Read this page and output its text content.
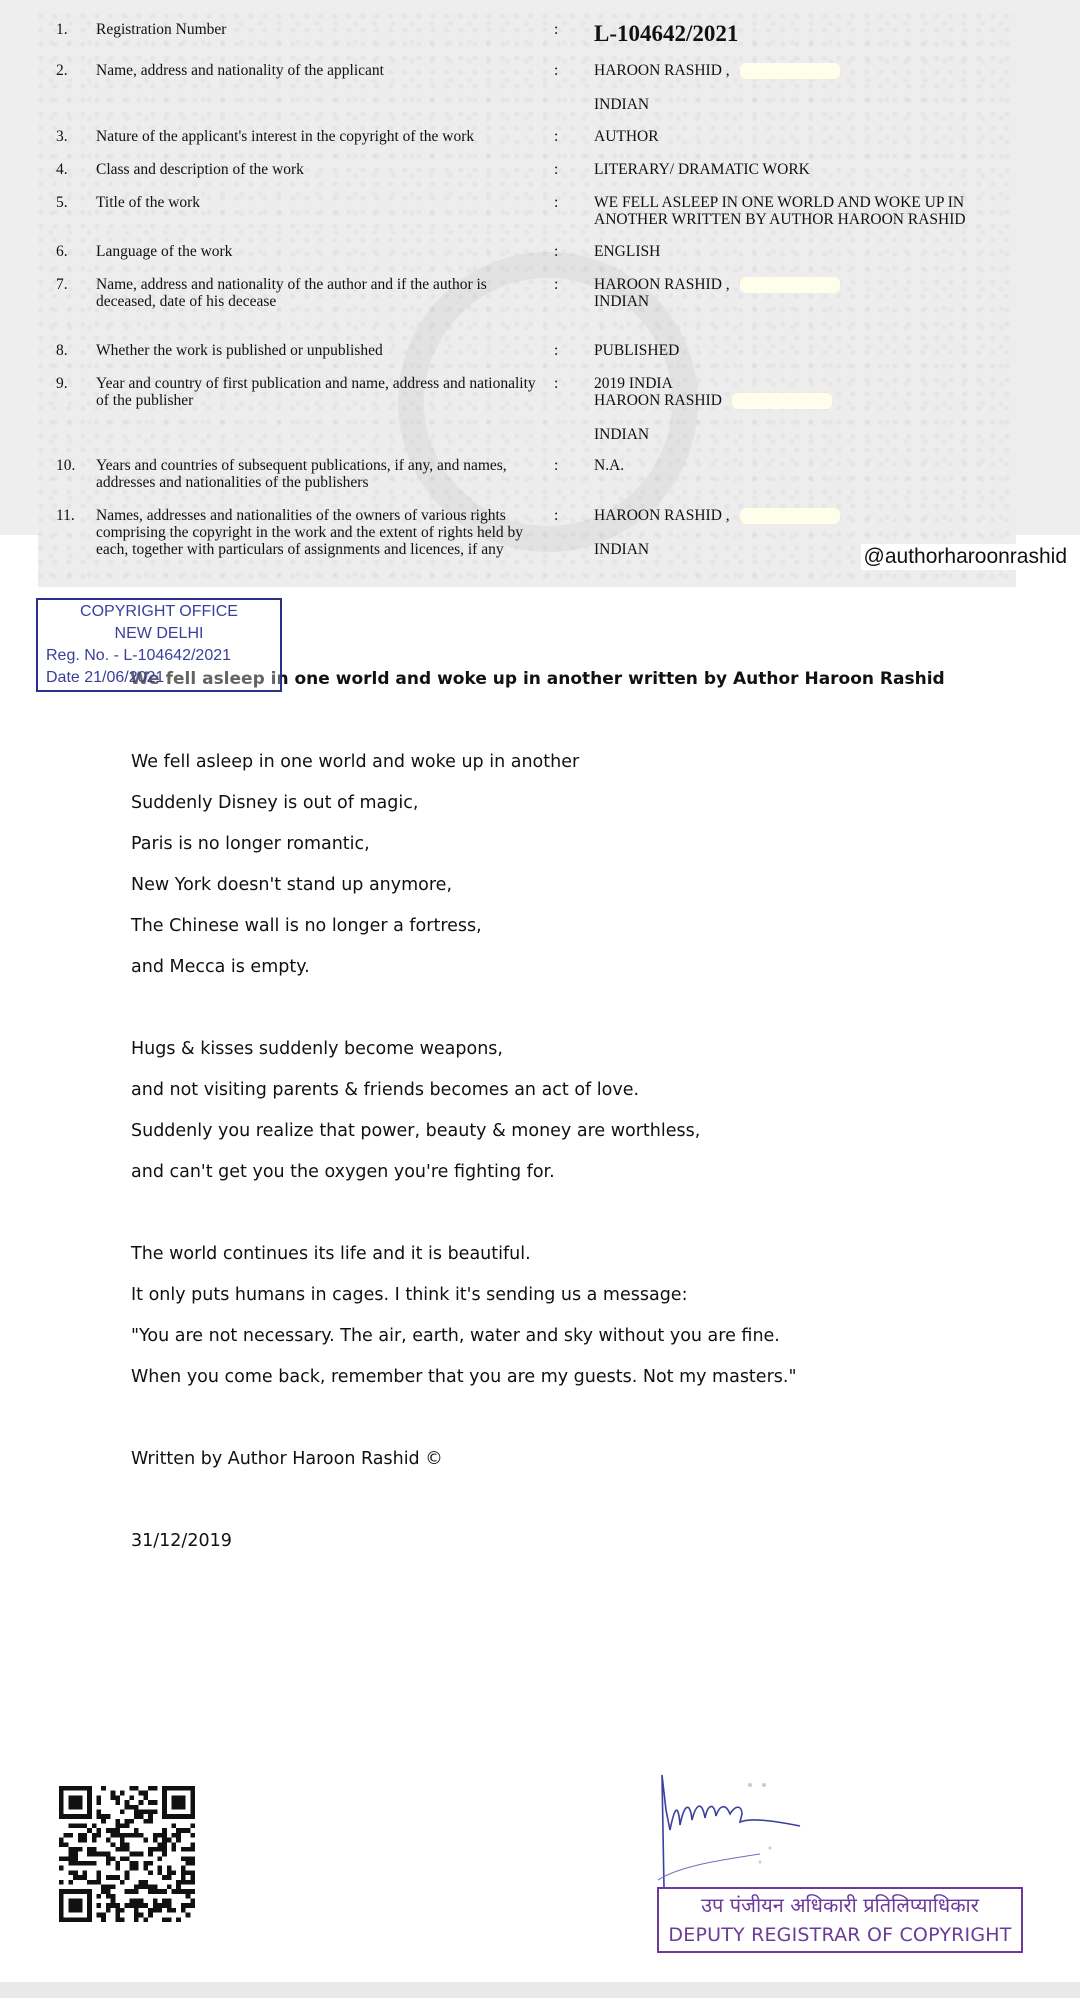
1.	Registration Number	: L-104642/2021
2.	Name, address and nationality of the applicant	: HAROON RASHID ,
INDIAN
3.	Nature of the applicant's interest in the copyright of the work	: AUTHOR
4.	Class and description of the work	: LITERARY/ DRAMATIC WORK
5.	Title of the work	: WE FELL ASLEEP IN ONE WORLD AND WOKE UP IN
ANOTHER WRITTEN BY AUTHOR HAROON RASHID
6.	Language of the work	: ENGLISH
7.	Name, address and nationality of the author and if the author is deceased, date of his decease
: HAROON RASHID ,
INDIAN
8.	Whether the work is published or unpublished	: PUBLISHED
9.	Year and country of first publication and name, address and nationality of the publisher
: 2019 INDIA
HAROON RASHID
INDIAN
10.	Years and countries of subsequent publications, if any, and names, addresses and nationalities of the publishers
: N.A.
11.	Names, addresses and nationalities of the owners of various rights comprising the copyright in the work and the extent of rights held by each, together with particulars of assignments and licences, if any
: HAROON RASHID ,
INDIAN	@authorharoonrashid
COPYRIGHT OFFICE
NEW DELHI
Reg. No. - L-104642/2021
Date 21/06/2021
We fell asleep in one world and woke up in another written by Author Haroon Rashid

We fell asleep in one world and woke up in another

Suddenly Disney is out of magic,

Paris is no longer romantic,

New York doesn't stand up anymore,

The Chinese wall is no longer a fortress,

and Mecca is empty.

Hugs & kisses suddenly become weapons,

and not visiting parents & friends becomes an act of love.

Suddenly you realize that power, beauty & money are worthless,

and can't get you the oxygen you're fighting for.

The world continues its life and it is beautiful.

It only puts humans in cages. I think it's sending us a message:

"You are not necessary. The air, earth, water and sky without you are fine.

When you come back, remember that you are my guests. Not my masters."

Written by Author Haroon Rashid ©

31/12/2019

उप पंजीयन अधिकारी प्रतिलिप्याधिकार
DEPUTY REGISTRAR OF COPYRIGHT
